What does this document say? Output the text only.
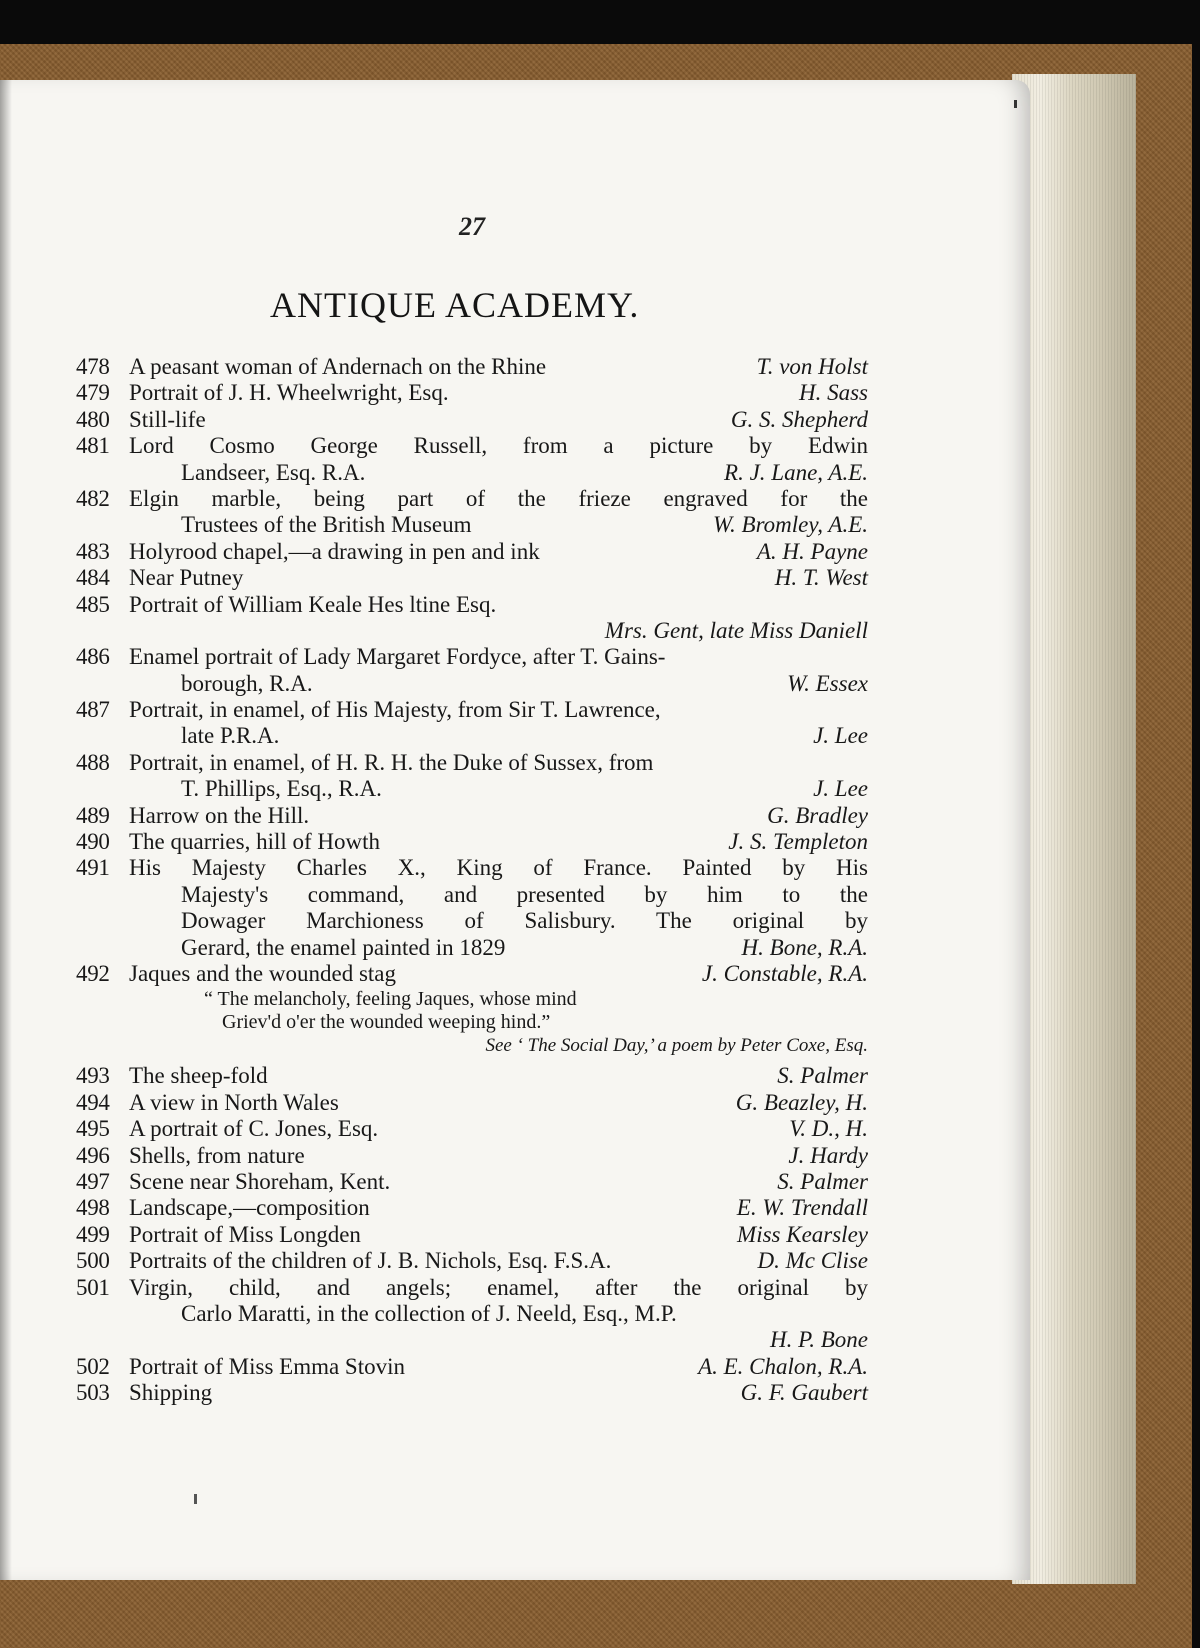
27
ANTIQUE ACADEMY.
478 A peasant woman of Andernach on the Rhine	T. von Holst
479 Portrait of J. H. Wheelwright, Esq.	H. Sass
480 Still-life	G. S. Shepherd
481 Lord Cosmo George Russell, from a picture by Edwin
Landseer, Esq. R.A.	R. J. Lane, A.E.
482 Elgin marble, being part of the frieze engraved for the
Trustees of the British Museum	W. Bromley, A.E.
483 Holyrood chapel,—a drawing in pen and ink	A. H. Payne
484 Near Putney	H. T. West
485 Portrait of William Keale Hes ltine Esq.
Mrs. Gent, late Miss Daniell
486 Enamel portrait of Lady Margaret Fordyce, after T. Gains-
borough, R.A.	W. Essex
487 Portrait, in enamel, of His Majesty, from Sir T. Lawrence,
late P.R.A.	J. Lee
488 Portrait, in enamel, of H. R. H. the Duke of Sussex, from
T. Phillips, Esq., R.A.	J. Lee
489 Harrow on the Hill.	G. Bradley
490 The quarries, hill of Howth	J. S. Templeton
491 His Majesty Charles X., King of France. Painted by His
Majesty's command, and presented by him to the
Dowager Marchioness of Salisbury. The original by
Gerard, the enamel painted in 1829	H. Bone, R.A.
492 Jaques and the wounded stag	J. Constable, R.A.
“ The melancholy, feeling Jaques, whose mind
Griev'd o'er the wounded weeping hind.”
See ‘ The Social Day,’ a poem by Peter Coxe, Esq.
493 The sheep-fold	S. Palmer
494 A view in North Wales	G. Beazley, H.
495 A portrait of C. Jones, Esq.	V. D., H.
496 Shells, from nature	J. Hardy
497 Scene near Shoreham, Kent.	S. Palmer
498 Landscape,—composition	E. W. Trendall
499 Portrait of Miss Longden	Miss Kearsley
500 Portraits of the children of J. B. Nichols, Esq. F.S.A.	D. Mc Clise
501 Virgin, child, and angels; enamel, after the original by
Carlo Maratti, in the collection of J. Neeld, Esq., M.P.
H. P. Bone
502 Portrait of Miss Emma Stovin	A. E. Chalon, R.A.
503 Shipping	G. F. Gaubert
